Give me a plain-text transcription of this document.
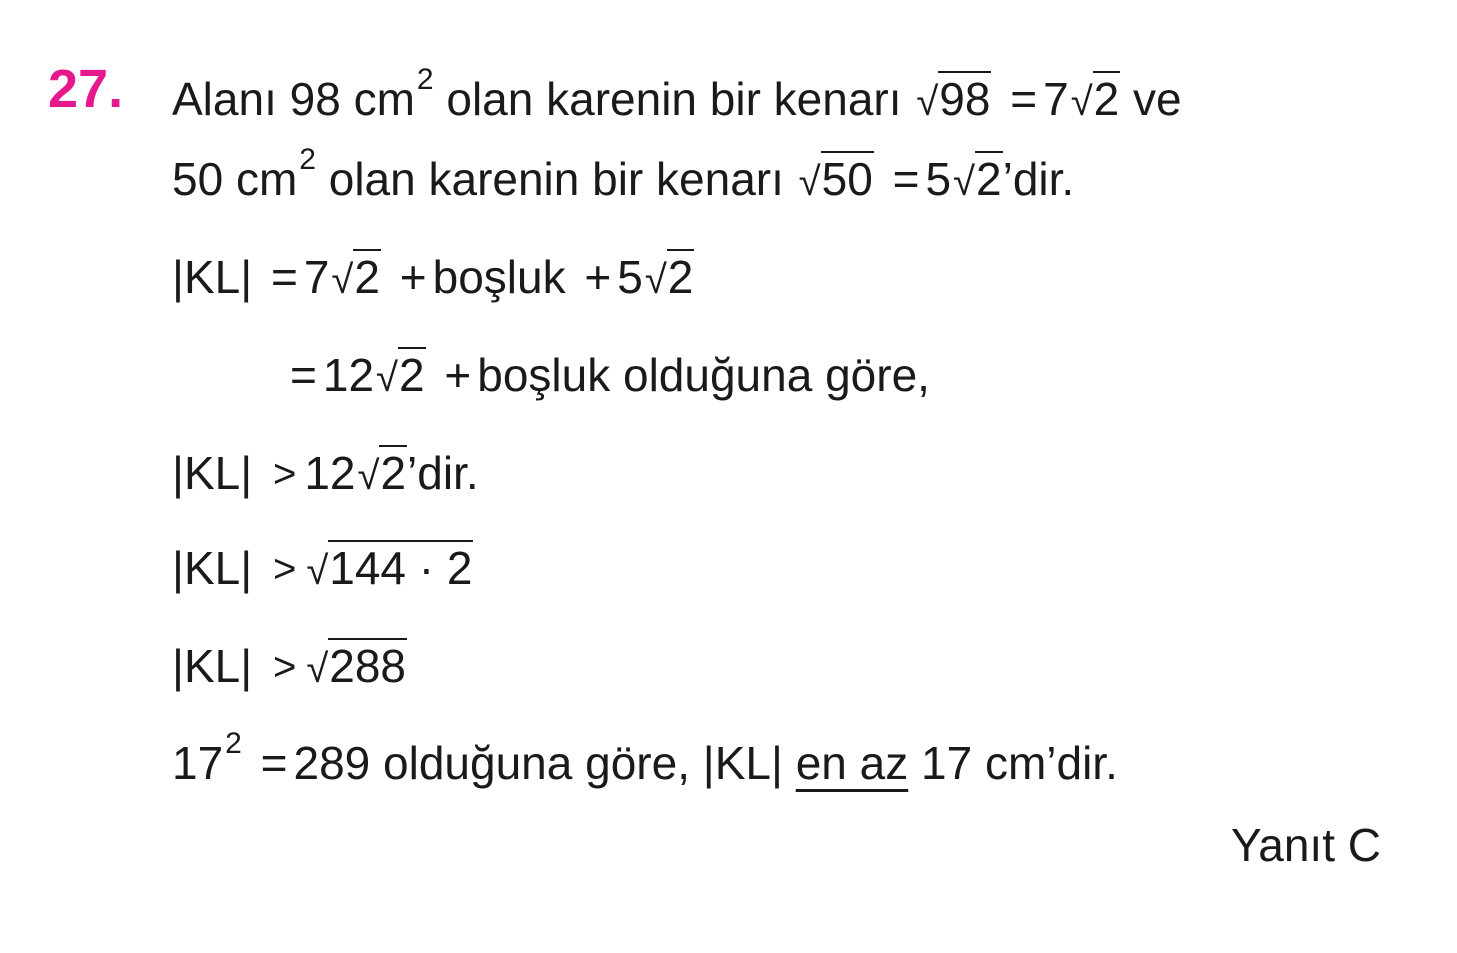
27. Alanı 98 $cm^2$ olan karenin bir kenarı √98 = 7√2 ve
50 $cm^2$ olan karenin bir kenarı √50 = 5√2’dir.
|KL| = 7√2 + boşluk + 5√2
= 12√2 + boşluk olduğuna göre,
|KL| > 12√2’dir.
|KL| > √144 · 2
|KL| > √288
$17^2 = 289$ olduğuna göre, |KL| en az 17 cm’dir.
Yanıt C
